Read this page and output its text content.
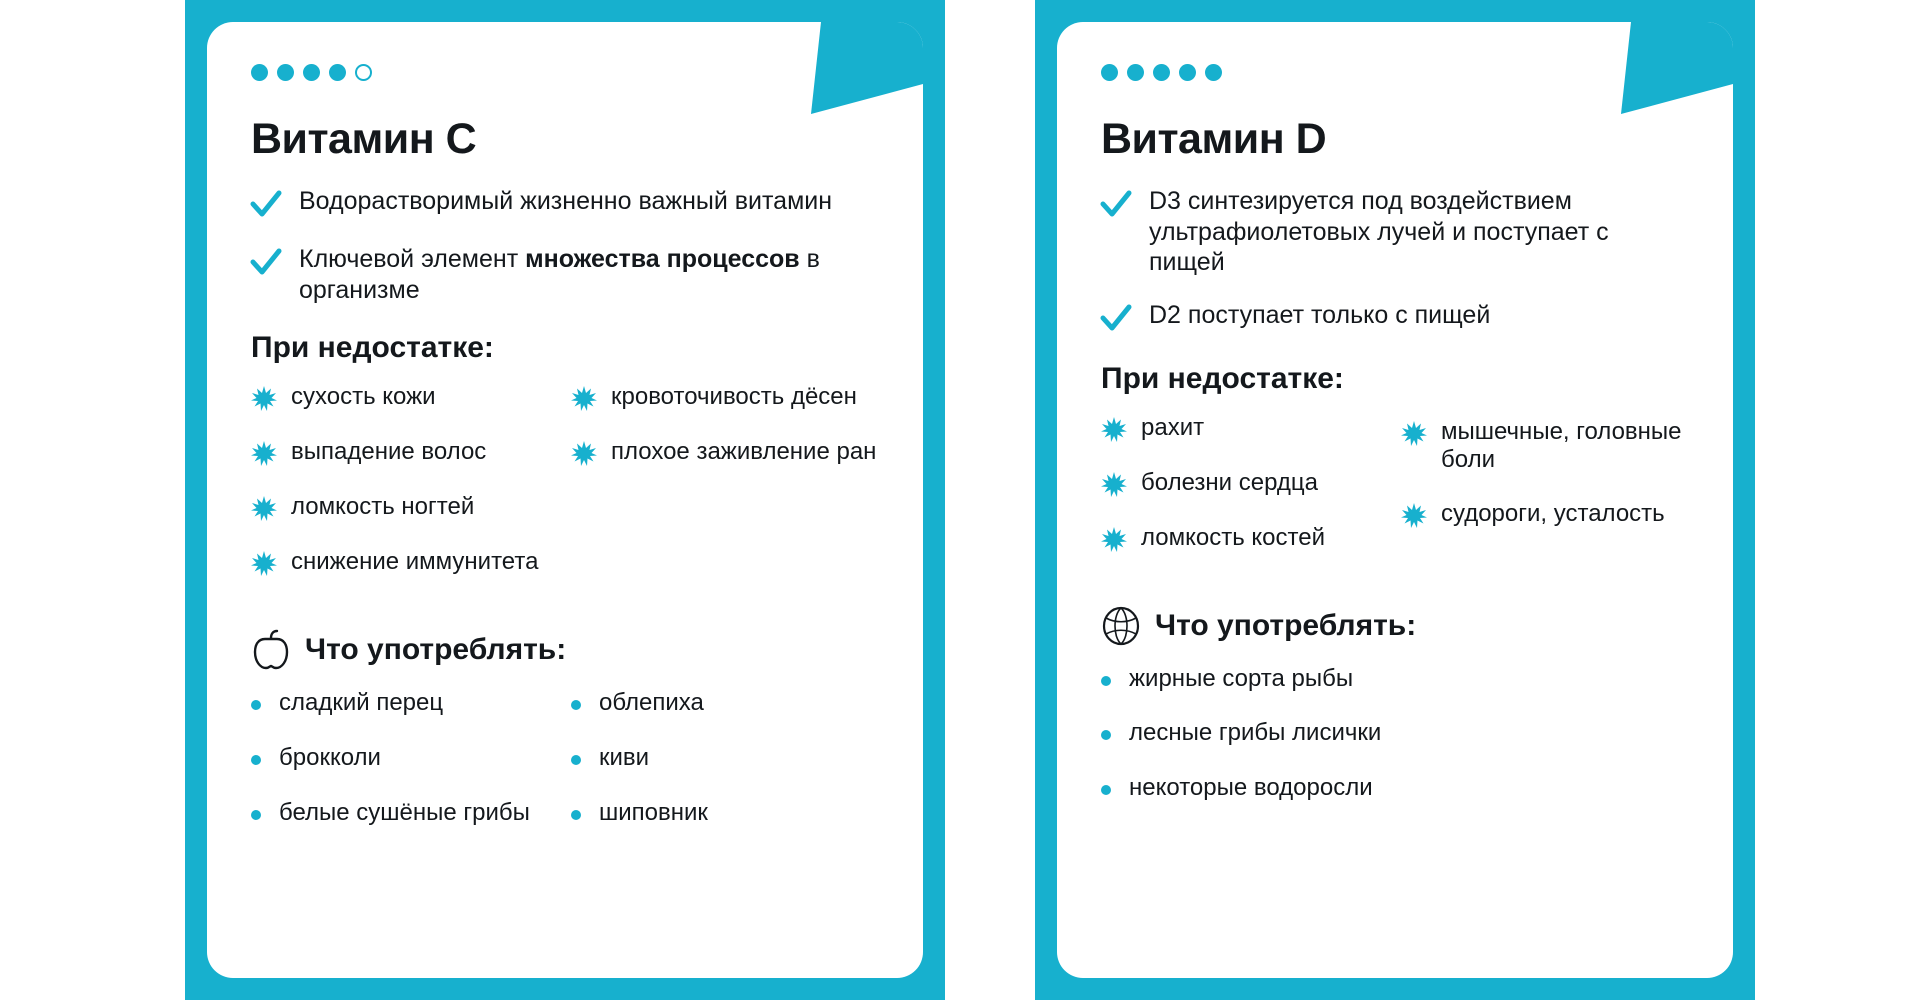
Витамин C
Водорастворимый жизненно важный витамин
Ключевой элемент множества процессов в организме
При недостатке:
сухость кожи
выпадение волос
ломкость ногтей
снижение иммунитета
кровоточивость дёсен
плохое заживление ран
Что употреблять:
сладкий перец
брокколи
белые сушёные грибы
облепиха
киви
шиповник
Витамин D
D3 синтезируется под воздействием ультрафиолетовых лучей и поступает с пищей
D2 поступает только с пищей
При недостатке:
рахит
болезни сердца
ломкость костей
мышечные, головные боли
судороги, усталость
Что употреблять:
жирные сорта рыбы
лесные грибы лисички
некоторые водоросли
